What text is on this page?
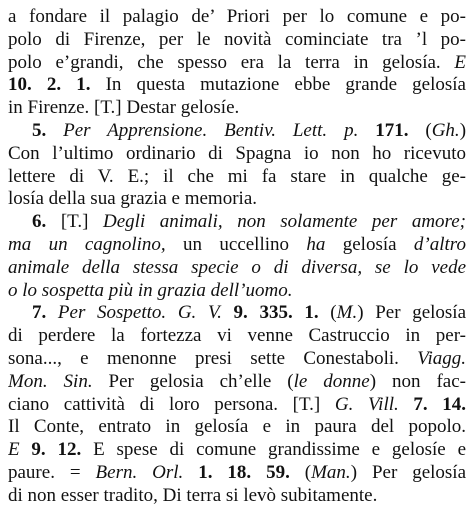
a fondare il palagio de’ Priori per lo comune e po-
polo di Firenze, per le novità cominciate tra ’l po-
polo e’grandi, che spesso era la terra in gelosía. E
10. 2. 1. In questa mutazione ebbe grande gelosía
in Firenze. [T.] Destar gelosíe.
5. Per Apprensione. Bentiv. Lett. p. 171. (Gh.)
Con l’ultimo ordinario di Spagna io non ho ricevuto
lettere di V. E.; il che mi fa stare in qualche ge-
losía della sua grazia e memoria.
6. [T.] Degli animali, non solamente per amore;
ma un cagnolino, un uccellino ha gelosía d’altro
animale della stessa specie o di diversa, se lo vede
o lo sospetta più in grazia dell’uomo.
7. Per Sospetto. G. V. 9. 335. 1. (M.) Per gelosía
di perdere la fortezza vi venne Castruccio in per-
sona..., e menonne presi sette Conestaboli. Viagg.
Mon. Sin. Per gelosia ch’elle (le donne) non fac-
ciano cattività di loro persona. [T.] G. Vill. 7. 14.
Il Conte, entrato in gelosía e in paura del popolo.
E 9. 12. E spese di comune grandissime e gelosíe e
paure. = Bern. Orl. 1. 18. 59. (Man.) Per gelosía
di non esser tradito, Di terra si levò subitamente.
